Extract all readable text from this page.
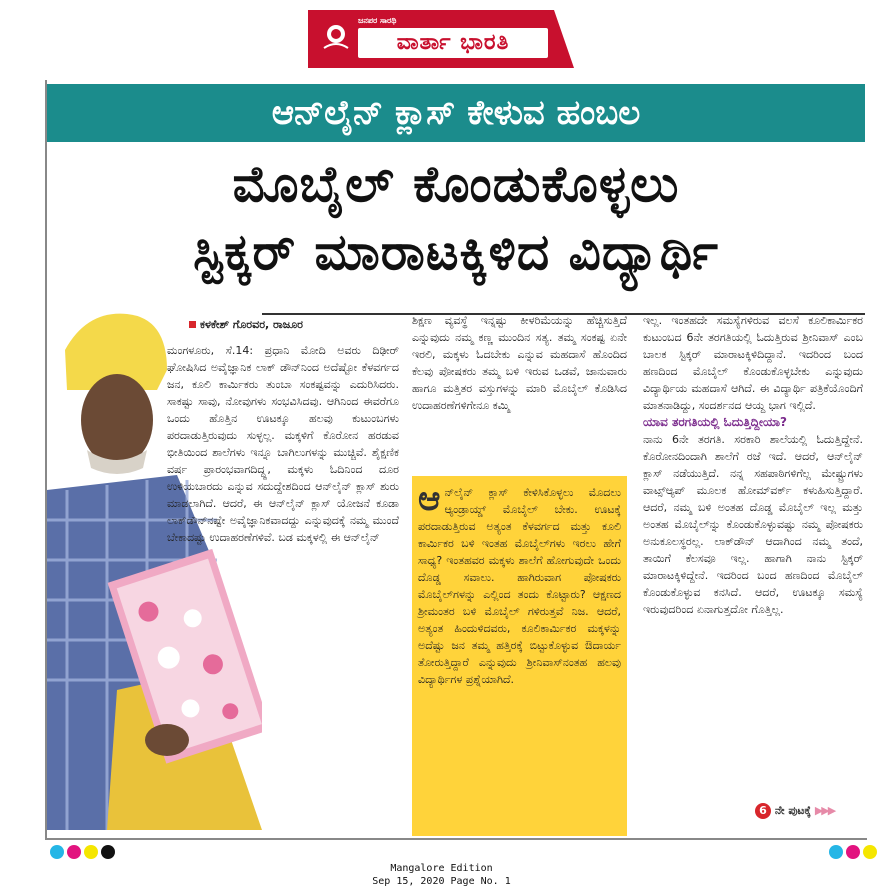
ಜನಪರ ಸಾರಥಿ
ವಾರ್ತಾ ಭಾರತಿ
ಆನ್‌ಲೈನ್ ಕ್ಲಾಸ್ ಕೇಳುವ ಹಂಬಲ
ಮೊಬೈಲ್ ಕೊಂಡುಕೊಳ್ಳಲು
ಸ್ಟಿಕ್ಕರ್ ಮಾರಾಟಕ್ಕಿಳಿದ ವಿದ್ಯಾರ್ಥಿ
ಕಳಕೇಶ್ ಗೊರವರ, ರಾಜೂರ

ಮಂಗಳೂರು, ಸೆ.14: ಪ್ರಧಾನಿ ಮೋದಿ ಅವರು ದಿಢೀರ್ ಘೋಷಿಸಿದ ಅವೈಜ್ಞಾನಿಕ ಲಾಕ್ ಡೌನ್‌ನಿಂದ ಅದೆಷ್ಟೋ ಕೆಳವರ್ಗದ ಜನ, ಕೂಲಿ ಕಾರ್ಮಿಕರು ತುಂಬಾ ಸಂಕಷ್ಟವನ್ನು ಎದುರಿಸಿದರು. ಸಾಕಷ್ಟು ಸಾವು, ನೋವುಗಳು ಸಂಭವಿಸಿದವು. ಆಗಿನಿಂದ ಈವರೆಗೂ ಒಂದು ಹೊತ್ತಿನ ಊಟಕ್ಕೂ ಹಲವು ಕುಟುಂಬಗಳು ಪರದಾಡುತ್ತಿರುವುದು ಸುಳ್ಳಲ್ಲ. ಮಕ್ಕಳಿಗೆ ಕೊರೋನ ಹರಡುವ ಭೀತಿಯಿಂದ ಶಾಲೆಗಳು ಇನ್ನೂ ಬಾಗಿಲುಗಳನ್ನು ಮುಚ್ಚಿವೆ. ಶೈಕ್ಷಣಿಕ ವರ್ಷ ಪ್ರಾರಂಭವಾಗದಿದ್ದ್ದ, ಮಕ್ಕಳು ಓದಿನಿಂದ ದೂರ ಉಳಿಯಬಾರದು ಎನ್ನುವ ಸದುದ್ದೇಶದಿಂದ ಆನ್‌ಲೈನ್ ಕ್ಲಾಸ್ ಶುರು ಮಾಡಲಾಗಿದೆ. ಆದರೆ, ಈ ಆನ್‌ಲೈನ್ ಕ್ಲಾಸ್ ಯೋಜನೆ ಕೂಡಾ ಲಾಕ್‌ಡೌನ್‌ನಷ್ಟೇ ಅವೈಜ್ಞಾನಿಕವಾದದ್ದು ಎನ್ನುವುದಕ್ಕೆ ನಮ್ಮ ಮುಂದೆ ಬೇಕಾದಷ್ಟು ಉದಾಹರಣೆಗಳಿವೆ. ಬಡ ಮಕ್ಕಳಲ್ಲಿ ಈ ಆನ್‌ಲೈನ್

ಶಿಕ್ಷಣ ವ್ಯವಸ್ಥೆ ಇನ್ನಷ್ಟು ಕೀಳರಿಮೆಯನ್ನು ಹೆಚ್ಚಿಸುತ್ತಿದೆ ಎನ್ನುವುದು ನಮ್ಮ ಕಣ್ಣ ಮುಂದಿನ ಸತ್ಯ. ತಮ್ಮ ಸಂಕಷ್ಟ ಏನೇ ಇರಲಿ, ಮಕ್ಕಳು ಓದಬೇಕು ಎನ್ನುವ ಮಹದಾಸೆ ಹೊಂದಿದ ಕೆಲವು ಪೋಷಕರು ತಮ್ಮ ಬಳಿ ಇರುವ ಒಡವೆ, ಜಾನುವಾರು ಹಾಗೂ ಮತ್ತಿತರ ವಸ್ತುಗಳನ್ನು ಮಾರಿ ಮೊಬೈಲ್ ಕೊಡಿಸಿದ ಉದಾಹರಣೆಗಳಿಗೇನೂ ಕಮ್ಮಿ

ಆ ನ್‌ಲೈನ್ ಕ್ಲಾಸ್ ಕೇಳಿಸಿಕೊಳ್ಳಲು ಮೊದಲು ಆ್ಯಂಡ್ರಾಯ್ಡ್ ಮೊಬೈಲ್ ಬೇಕು. ಊಟಕ್ಕೆ ಪರದಾಡುತ್ತಿರುವ ಅತ್ಯಂತ ಕೆಳವರ್ಗದ ಮತ್ತು ಕೂಲಿ ಕಾರ್ಮಿಕರ ಬಳಿ ಇಂತಹ ಮೊಬೈಲ್‌ಗಳು ಇರಲು ಹೇಗೆ ಸಾಧ್ಯ? ಇಂತಹವರ ಮಕ್ಕಳು ಶಾಲೆಗೆ ಹೋಗುವುದೇ ಒಂದು ದೊಡ್ಡ ಸವಾಲು. ಹಾಗಿರುವಾಗ ಪೋಷಕರು ಮೊಬೈಲ್‌ಗಳನ್ನು ಎಲ್ಲಿಂದ ತಂದು ಕೊಟ್ಟಾರು? ಆಕ್ಷಣದ ಶ್ರೀಮಂತರ ಬಳಿ ಮೊಬೈಲ್ ಗಳಿರುತ್ತವೆ ನಿಜ. ಆದರೆ, ಅತ್ಯಂತ ಹಿಂದುಳಿದವರು, ಕೂಲಿಕಾರ್ಮಿಕರ ಮಕ್ಕಳನ್ನು ಅದೆಷ್ಟು ಜನ ತಮ್ಮ ಹತ್ತಿರಕ್ಕೆ ಬಿಟ್ಟುಕೊಳ್ಳುವ ಔದಾರ್ಯ ತೋರುತ್ತಿದ್ದಾರೆ ಎನ್ನುವುದು ಶ್ರೀನಿವಾಸ್‌ನಂತಹ ಹಲವು ವಿದ್ಯಾರ್ಥಿಗಳ ಪ್ರಶ್ನೆಯಾಗಿದೆ.

ಇಲ್ಲ. ಇಂತಹದೇ ಸಮಸ್ಯೆಗಳಿರುವ ವಲಸೆ ಕೂಲಿಕಾರ್ಮಿಕರ ಕುಟುಂಬದ 6ನೇ ತರಗತಿಯಲ್ಲಿ ಓದುತ್ತಿರುವ ಶ್ರೀನಿವಾಸ್ ಎಂಬ ಬಾಲಕ ಸ್ಟಿಕ್ಕರ್ ಮಾರಾಟಕ್ಕಿಳಿದಿದ್ದಾನೆ. ಇದರಿಂದ ಬಂದ ಹಣದಿಂದ ಮೊಬೈಲ್ ಕೊಂಡುಕೊಳ್ಳಬೇಕು ಎನ್ನುವುದು ವಿದ್ಯಾರ್ಥಿಯ ಮಹದಾಸೆ ಆಗಿದೆ. ಈ ವಿದ್ಯಾರ್ಥಿ ಪತ್ರಿಕೆಯೊಂದಿಗೆ ಮಾತನಾಡಿದ್ದು, ಸಂದರ್ಶನದ ಆಯ್ದ ಭಾಗ ಇಲ್ಲಿದೆ.

ಯಾವ ತರಗತಿಯಲ್ಲಿ ಓದುತ್ತಿದ್ದೀಯಾ?

ನಾನು 6ನೇ ತರಗತಿ. ಸರಕಾರಿ ಶಾಲೆಯಲ್ಲಿ ಓದುತ್ತಿದ್ದೇನೆ. ಕೊರೋನದಿಂದಾಗಿ ಶಾಲೆಗೆ ರಜೆ ಇದೆ. ಆದರೆ, ಆನ್‌ಲೈನ್ ಕ್ಲಾಸ್ ನಡೆಯುತ್ತಿದೆ. ನನ್ನ ಸಹಪಾಠಿಗಳಿಗೆಲ್ಲ ಮೇಷ್ಟ್ರುಗಳು ವಾಟ್ಸ್‌ಆ್ಯಪ್ ಮೂಲಕ ಹೋಮ್‌ವರ್ಕ್ ಕಳುಹಿಸುತ್ತಿದ್ದಾರೆ. ಆದರೆ, ನಮ್ಮ ಬಳಿ ಅಂತಹ ದೊಡ್ಡ ಮೊಬೈಲ್ ಇಲ್ಲ ಮತ್ತು ಅಂತಹ ಮೊಬೈಲ್‌ನ್ನು ಕೊಂಡುಕೊಳ್ಳುವಷ್ಟು ನಮ್ಮ ಪೋಷಕರು ಅನುಕೂಲಸ್ಥರಲ್ಲ. ಲಾಕ್‌ಡೌನ್ ಆದಾಗಿಂದ ನಮ್ಮ ತಂದೆ, ತಾಯಿಗೆ ಕೆಲಸವೂ ಇಲ್ಲ. ಹಾಗಾಗಿ ನಾನು ಸ್ಟಿಕ್ಕರ್ ಮಾರಾಟಕ್ಕಿಳಿದ್ದೇನೆ. ಇದರಿಂದ ಬಂದ ಹಣದಿಂದ ಮೊಬೈಲ್ ಕೊಂಡುಕೊಳ್ಳುವ ಕನಸಿದೆ. ಆದರೆ, ಊಟಕ್ಕೂ ಸಮಸ್ಯೆ ಇರುವುದರಿಂದ ಏನಾಗುತ್ತದೋ ಗೊತ್ತಿಲ್ಲ.

6 ನೇ ಪುಟಕ್ಕೆ ▶▶▶
Mangalore Edition
Sep 15, 2020 Page No. 1
